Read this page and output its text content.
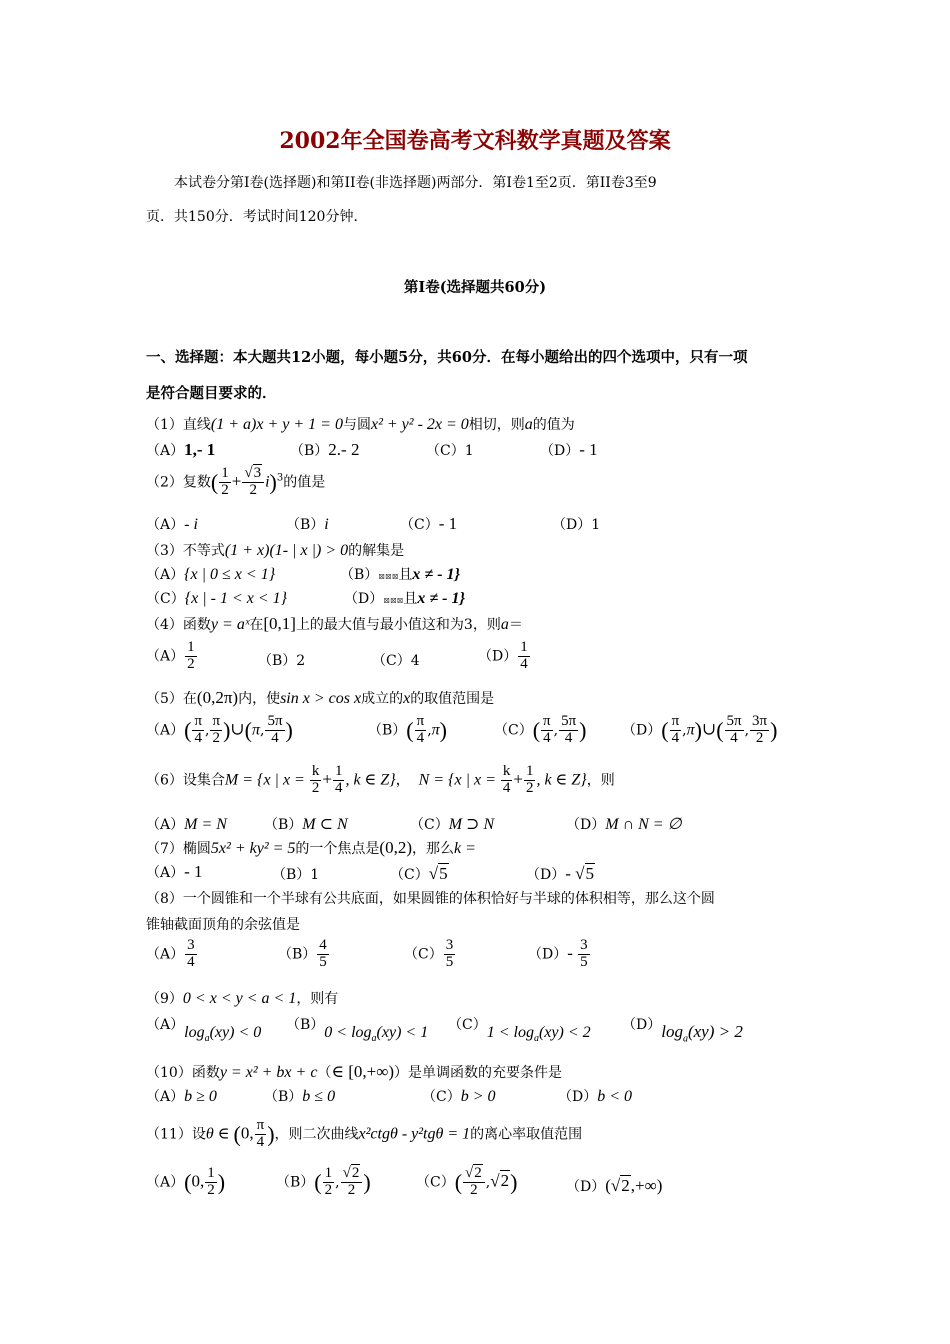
2002年全国卷高考文科数学真题及答案
本试卷分第Ⅰ卷(选择题)和第II卷(非选择题)两部分．第Ⅰ卷1至2页．第II卷3至9
页．共150分．考试时间120分钟．
第Ⅰ卷(选择题共60分)
一、选择题：本大题共12小题，每小题5分，共60分．在每小题给出的四个选项中，只有一项
是符合题目要求的．
（1）直线(1 + a)x + y + 1 = 0与圆x² + y² - 2x = 0相切，则a的值为
（A）1,- 1	（B）2.- 2	（C）1	（D）- 1
（2）复数( $\frac{1}{2} + \frac{√3}{2} i)^3$的值是
（A）- i	（B）i	（C）- 1	（D）1
（3）不等式(1 + x)(1- | x |) > 0的解集是
（A）{x | 0 ≤ x < 1}	（B）⊠⊠⊠且x ≠ - 1}
（C）{x | - 1 < x < 1}	（D）⊠⊠⊠且x ≠ - 1}
（4）函数y = aˣ在[0,1]上的最大值与最小值这和为3，则a＝
$(A) \frac{1}{2}$	（B）2	（C）4	$(D) \frac{1}{4}$
（5）在(0,2π)内，使sin x > cos x成立的x的取值范围是
$(A)( \frac{\pi}{4}$ , $\frac{\pi}{2}$ )∪(π, $\frac{5\pi}{4}$ )	$(B)( \frac{\pi}{4} ,\pi)$	$(C)( \frac{\pi}{4}$ , $\frac{5\pi}{4}$ )	$(D)( \frac{\pi}{4}$ ,π)∪( $\frac{5\pi}{4}$ , $\frac{3\pi}{2}$ )
（6）设集合M = {x | $x = \frac{k}{2} + \frac{1}{4}$ , k ∈ Z}，  N = {x | $x = \frac{k}{4} + \frac{1}{2}$ , k ∈ Z}，则
（A）M = N	（B）M ⊂ N	（C）M ⊃ N	（D）M ∩ N = ∅
（7）椭圆5x² + ky² = 5的一个焦点是(0,2)，那么k =
（A）- 1	（B）1	（C）√5	（D）- √5
（8）一个圆锥和一个半球有公共底面，如果圆锥的体积恰好与半球的体积相等，那么这个圆
锥轴截面顶角的余弦值是
$(A) \frac{3}{4}$	$(B) \frac{4}{5}$	$(C) \frac{3}{5}$	$(D)- \frac{3}{5}$
（9）0 < x < y < a < 1，则有
$(A)\log_a(xy) < 0$ $(B)0 < \log_a(xy) < 1$ $(C)1 < \log_a(xy) < 2$ $(D)\log_a(xy) > 2$
（10）函数y = x² + bx + c（∈ [0,+∞)）是单调函数的充要条件是
（A）b ≥ 0	（B）b ≤ 0	（C）b > 0	（D）b < 0
（11）设θ ∈ (0, $\frac{\pi}{4}$ )，则二次曲线x²ctgθ - y²tgθ = 1的离心率取值范围
（A）(0, $\frac{1}{2}$ )	$(B)( \frac{1}{2}$ , $\frac{√2}{2}$ )	$(C)( \frac{√2}{2} ,√2)$	（D）(√2,+∞)
